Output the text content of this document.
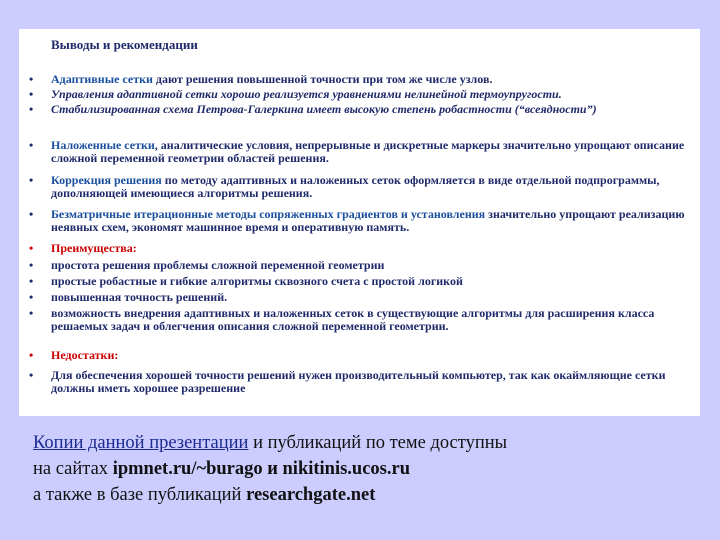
Выводы и рекомендации
• Адаптивные сетки дают решения повышенной точности при том же числе узлов.
• Управления адаптивной сетки хорошо реализуется уравнениями нелинейной термоупругости.
• Стабилизированная схема Петрова-Галеркина имеет высокую степень робастности (“всеядности”)
• Наложенные сетки, аналитические условия, непрерывные и дискретные маркеры значительно упрощают описание сложной переменной геометрии областей решения.
• Коррекция решения по методу адаптивных и наложенных сеток оформляется в виде отдельной подпрограммы, дополняющей имеющиеся алгоритмы решения.
• Безматричные итерационные методы сопряженных градиентов и установления значительно упрощают реализацию неявных схем, экономят машинное время и оперативную память.
• Преимущества:
• простота решения проблемы сложной переменной геометрии
• простые робастные и гибкие алгоритмы сквозного счета с простой логикой
• повышенная точность решений.
• возможность внедрения адаптивных и наложенных сеток в существующие алгоритмы для расширения класса решаемых задач и облегчения описания сложной переменной геометрии.
• Недостатки:
• Для обеспечения хорошей точности решений нужен производительный компьютер, так как окаймляющие сетки должны иметь хорошее разрешение
Копии данной презентации и публикаций по теме доступны
на сайтах ipmnet.ru/~burago и nikitinis.ucos.ru
а также в базе публикаций researchgate.net
